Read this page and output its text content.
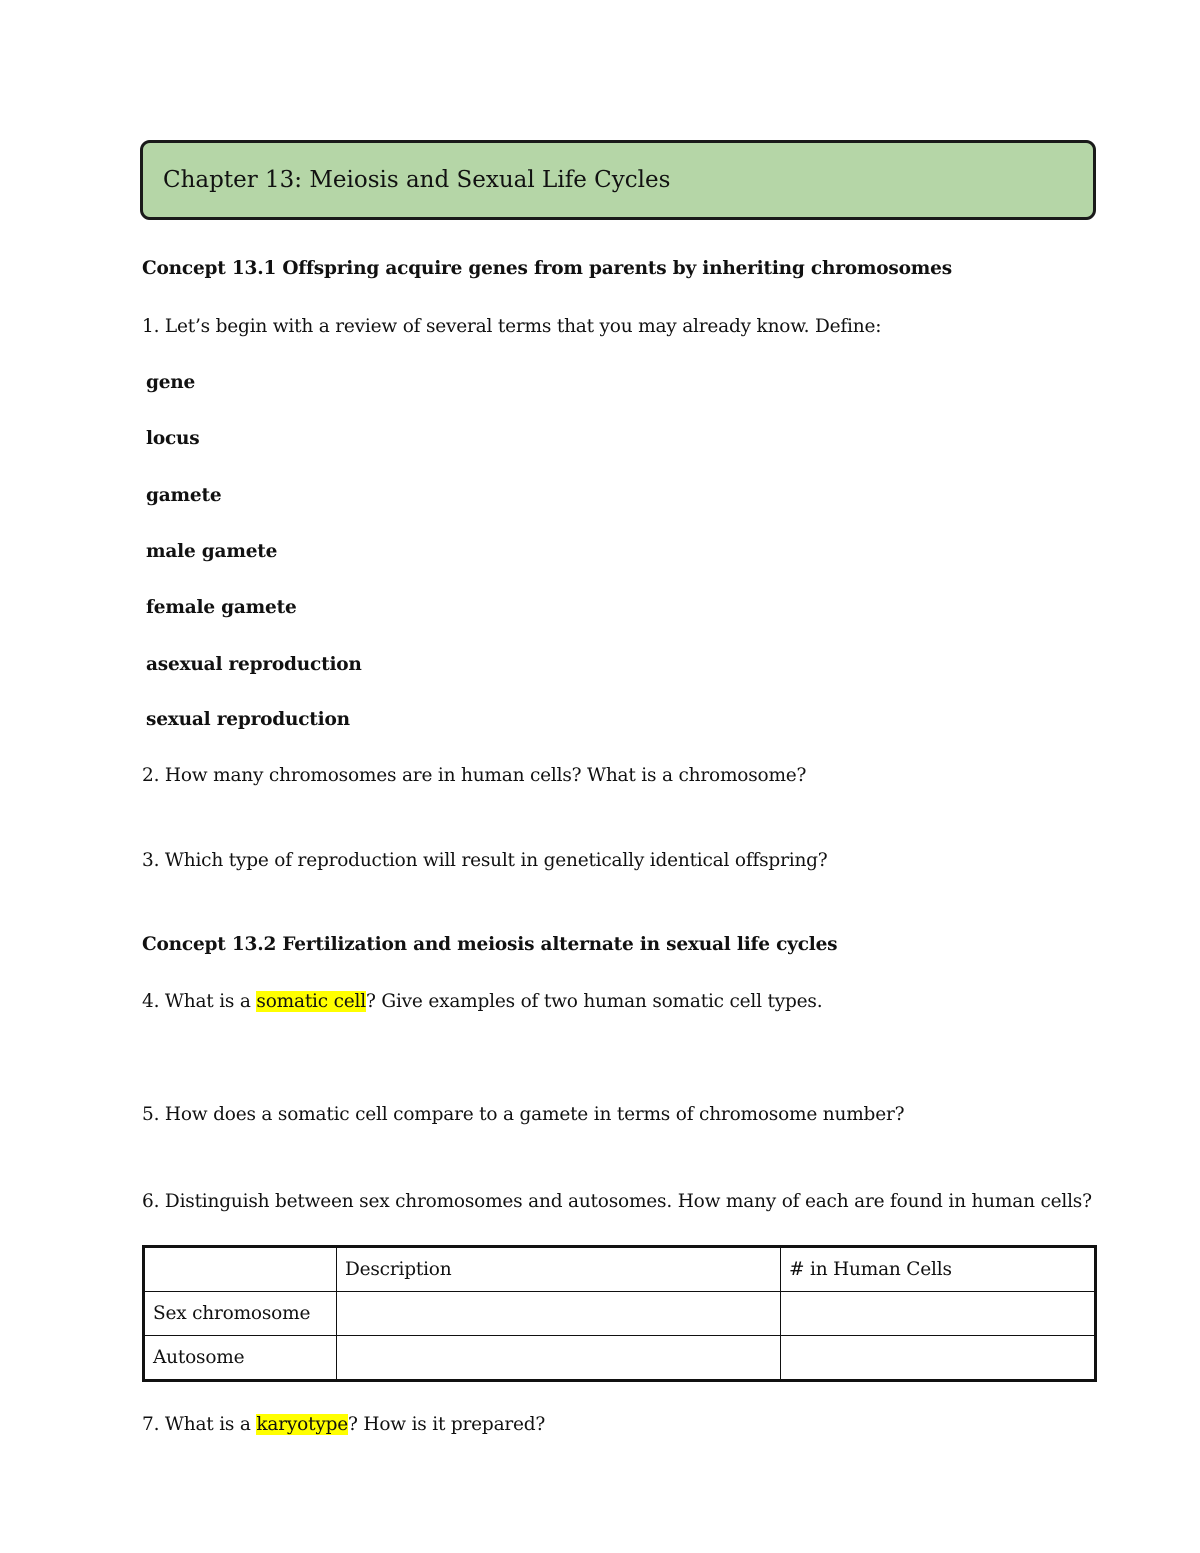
Chapter 13: Meiosis and Sexual Life Cycles
Concept 13.1 Offspring acquire genes from parents by inheriting chromosomes
1. Let’s begin with a review of several terms that you may already know. Define:
gene
locus
gamete
male gamete
female gamete
asexual reproduction
sexual reproduction
2. How many chromosomes are in human cells? What is a chromosome?
3. Which type of reproduction will result in genetically identical offspring?
Concept 13.2 Fertilization and meiosis alternate in sexual life cycles
4. What is a somatic cell? Give examples of two human somatic cell types.
5. How does a somatic cell compare to a gamete in terms of chromosome number?
6. Distinguish between sex chromosomes and autosomes. How many of each are found in human cells?
	Description	# in Human Cells
Sex chromosome		
Autosome		
7. What is a karyotype? How is it prepared?
